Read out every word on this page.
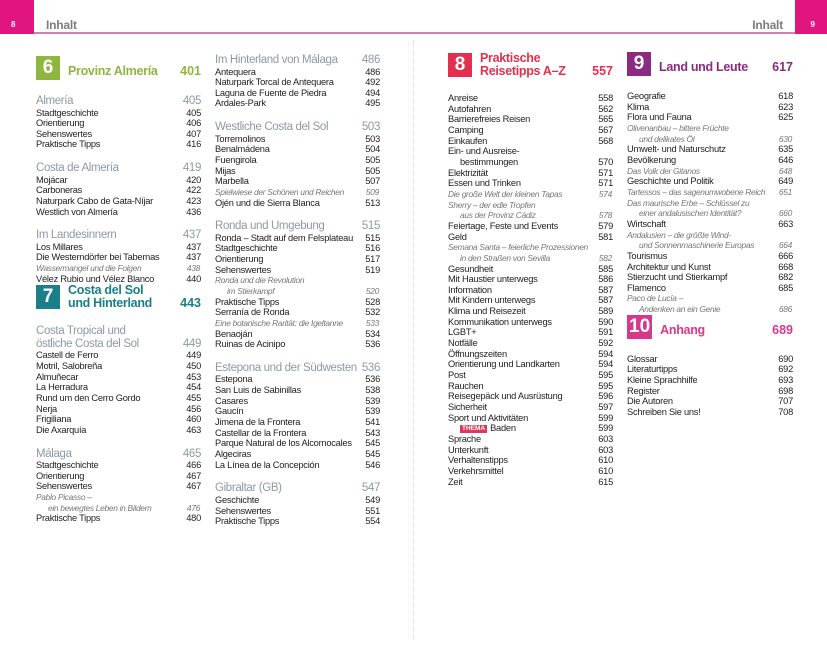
8	Inhalt	9
Inhalt
6	Provinz Almería	401
Almería	405
Stadtgeschichte	405
Orientierung	406
Sehenswertes	407
Praktische Tipps	416
Costa de Almería	419
Mojácar	420
Carboneras	422
Naturpark Cabo de Gata-Níjar	423
Westlich von Almería	436
Im Landesinnern	437
Los Millares	437
Die Westerndörfer bei Tabernas	437
Wassermangel und die Folgen	438
Vélez Rubio und Vélez Blanco	440
7	Costa del Sol
und Hinterland	443
Costa Tropical und
östliche Costa del Sol	449
Castell de Ferro	449
Motril, Salobreña	450
Almuñecar	453
La Herradura	454
Rund um den Cerro Gordo	455
Nerja	456
Frigiliana	460
Die Axarquía	463
Málaga	465
Stadtgeschichte	466
Orientierung	467
Sehenswertes	467
Pablo Picasso –
ein bewegtes Leben in Bildern	476
Praktische Tipps	480
Im Hinterland von Málaga	486
Antequera	486
Naturpark Torcal de Antequera	492
Laguna de Fuente de Piedra	494
Ardales-Park	495
Westliche Costa del Sol	503
Torremolinos	503
Benalmádena	504
Fuengirola	505
Mijas	505
Marbella	507
Spielwiese der Schönen und Reichen	509
Ojén und die Sierra Blanca	513
Ronda und Umgebung	515
Ronda – Stadt auf dem Felsplateau	515
Stadtgeschichte	516
Orientierung	517
Sehenswertes	519
Ronda und die Revolution
im Stierkampf	520
Praktische Tipps	528
Serranía de Ronda	532
Eine botanische Rarität: die Igeltanne	533
Benaoján	534
Ruinas de Acinipo	536
Estepona und der Südwesten 536
Estepona	536
San Luis de Sabinillas	538
Casares	539
Gaucín	539
Jimena de la Frontera	541
Castellar de la Frontera	543
Parque Natural de los Alcornocales	545
Algeciras	545
La Línea de la Concepción	546
Gibraltar (GB)	547
Geschichte	549
Sehenswertes	551
Praktische Tipps	554
8	Praktische
Reisetipps A–Z	557
Anreise	558
Autofahren	562
Barrierefreies Reisen	565
Camping	567
Einkaufen	568
Ein- und Ausreise-
bestimmungen	570
Elektrizität	571
Essen und Trinken	571
Die große Welt der kleinen Tapas	574
Sherry – der edle Tropfen
aus der Provinz Cádiz	578
Feiertage, Feste und Events	579
Geld	581
Semana Santa – feierliche Prozessionen
in den Straßen von Sevilla	582
Gesundheit	585
Mit Haustier unterwegs	586
Information	587
Mit Kindern unterwegs	587
Klima und Reisezeit	589
Kommunikation unterwegs	590
LGBT+	591
Notfälle	592
Öffnungszeiten	594
Orientierung und Landkarten	594
Post	595
Rauchen	595
Reisegepäck und Ausrüstung	596
Sicherheit	597
Sport und Aktivitäten	599
THEMA Baden	599
Sprache	603
Unterkunft	603
Verhaltenstipps	610
Verkehrsmittel	610
Zeit	615
9	Land und Leute	617
Geografie	618
Klima	623
Flora und Fauna	625
Olivenanbau – bittere Früchte
und delikates Öl	630
Umwelt- und Naturschutz	635
Bevölkerung	646
Das Volk der Gitanos	648
Geschichte und Politik	649
Tartessos – das sagenumwobene Reich	651
Das maurische Erbe – Schlüssel zu
einer andalusischen Identität?	660
Wirtschaft	663
Andalusien – die größte Wind-
und Sonnenmaschinerie Europas	664
Tourismus	666
Architektur und Kunst	668
Stierzucht und Stierkampf	682
Flamenco	685
Paco de Lucía –
Andenken an ein Genie	686
10 Anhang	689
Glossar	690
Literaturtipps	692
Kleine Sprachhilfe	693
Register	698
Die Autoren	707
Schreiben Sie uns!	708
